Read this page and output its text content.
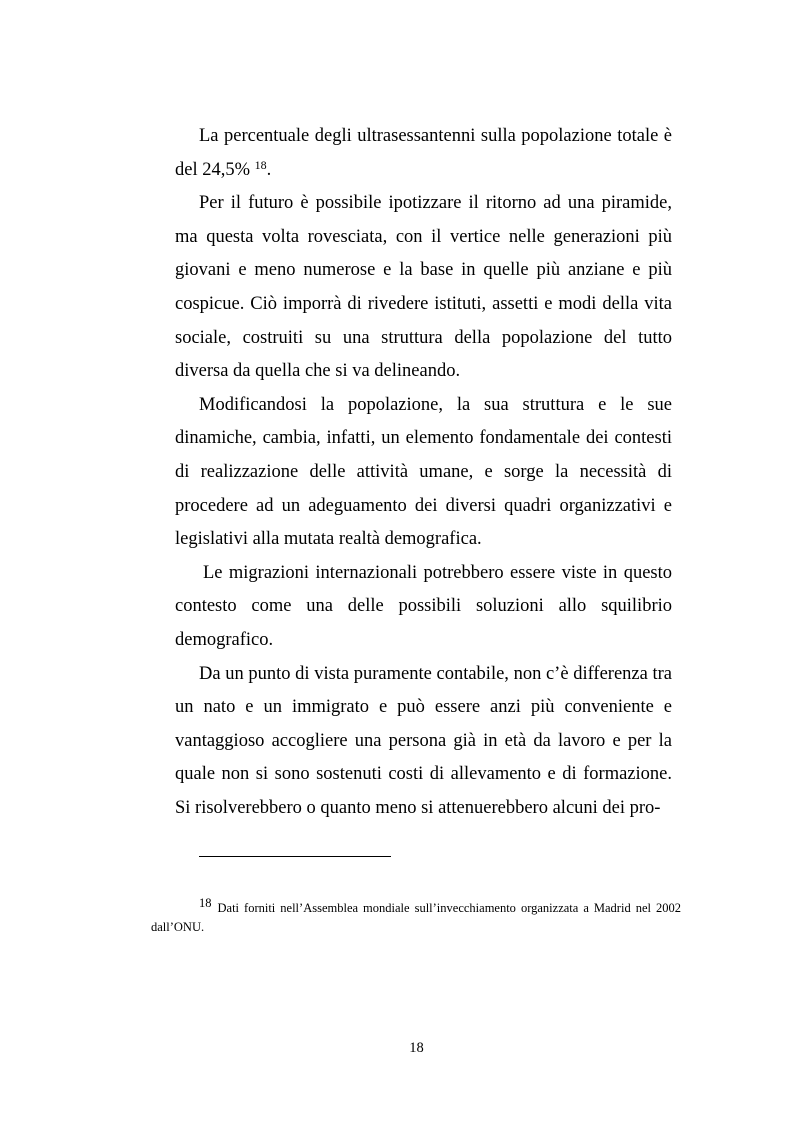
La percentuale degli ultrasessantenni sulla popolazione totale è del 24,5% $^{18}$.

Per il futuro è possibile ipotizzare il ritorno ad una piramide, ma questa volta rovesciata, con il vertice nelle generazioni più giovani e meno numerose e la base in quelle più anziane e più cospicue. Ciò imporrà di rivedere istituti, assetti e modi della vita sociale, costruiti su una struttura della popolazione del tutto diversa da quella che si va delineando.

Modificandosi la popolazione, la sua struttura e le sue dinamiche, cambia, infatti, un elemento fondamentale dei contesti di realizzazione delle attività umane, e sorge la necessità di procedere ad un adeguamento dei diversi quadri organizzativi e legislativi alla mutata realtà demografica.

Le migrazioni internazionali potrebbero essere viste in questo contesto come una delle possibili soluzioni allo squilibrio demografico.

Da un punto di vista puramente contabile, non c’è differenza tra un nato e un immigrato e può essere anzi più conveniente e vantaggioso accogliere una persona già in età da lavoro e per la quale non si sono sostenuti costi di allevamento e di formazione. Si risolverebbero o quanto meno si attenuerebbero alcuni dei pro-

18 Dati forniti nell’Assemblea mondiale sull’invecchiamento organizzata a Madrid nel 2002 dall’ONU.
18
